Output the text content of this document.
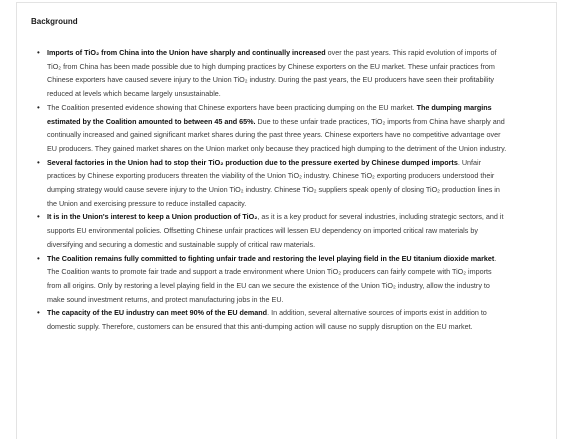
Background
• Imports of TiO₂ from China into the Union have sharply and continually increased over the past years. This rapid evolution of imports of TiO₂ from China has been made possible due to high dumping practices by Chinese exporters on the EU market. These unfair practices from Chinese exporters have caused severe injury to the Union TiO₂ industry. During the past years, the EU producers have seen their profitability reduced at levels which became largely unsustainable.
• The Coalition presented evidence showing that Chinese exporters have been practicing dumping on the EU market. The dumping margins estimated by the Coalition amounted to between 45 and 65%. Due to these unfair trade practices, TiO₂ imports from China have sharply and continually increased and gained significant market shares during the past three years. Chinese exporters have no competitive advantage over EU producers. They gained market shares on the Union market only because they practiced high dumping to the detriment of the Union industry.
• Several factories in the Union had to stop their TiO₂ production due to the pressure exerted by Chinese dumped imports. Unfair practices by Chinese exporting producers threaten the viability of the Union TiO₂ industry. Chinese TiO₂ exporting producers understood their dumping strategy would cause severe injury to the Union TiO₂ industry. Chinese TiO₂ suppliers speak openly of closing TiO₂ production lines in the Union and exercising pressure to reduce installed capacity.
• It is in the Union's interest to keep a Union production of TiO₂, as it is a key product for several industries, including strategic sectors, and it supports EU environmental policies. Offsetting Chinese unfair practices will lessen EU dependency on imported critical raw materials by diversifying and securing a domestic and sustainable supply of critical raw materials.
• The Coalition remains fully committed to fighting unfair trade and restoring the level playing field in the EU titanium dioxide market. The Coalition wants to promote fair trade and support a trade environment where Union TiO₂ producers can fairly compete with TiO₂ imports from all origins. Only by restoring a level playing field in the EU can we secure the existence of the Union TiO₂ industry, allow the industry to make sound investment returns, and protect manufacturing jobs in the EU.
• The capacity of the EU industry can meet 90% of the EU demand. In addition, several alternative sources of imports exist in addition to domestic supply. Therefore, customers can be ensured that this anti-dumping action will cause no supply disruption on the EU market.
